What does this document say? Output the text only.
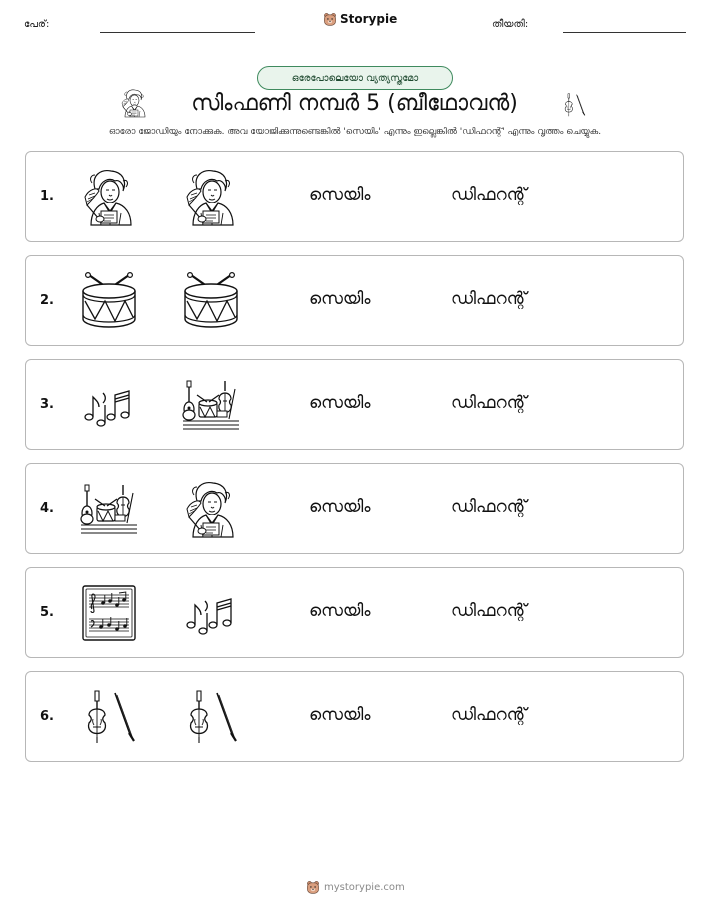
പേര്:	Storypie	തീയതി:
ഒരേപോലെയോ വ്യത്യസ്തമോ
സിംഫണി നമ്പർ 5 (ബീഥോവൻ)
ഓരോ ജോഡിയും നോക്കുക. അവ യോജിക്കുന്നുണ്ടെങ്കിൽ 'സെയിം' എന്നും ഇല്ലെങ്കിൽ 'ഡിഫറന്റ്' എന്നും വൃത്തം ചെയ്യുക.
1.	സെയിം	ഡിഫറന്റ്
2.	സെയിം	ഡിഫറന്റ്
3.	സെയിം	ഡിഫറന്റ്
4.	സെയിം	ഡിഫറന്റ്
5.	സെയിം	ഡിഫറന്റ്
6.	സെയിം	ഡിഫറന്റ്
mystorypie.com
